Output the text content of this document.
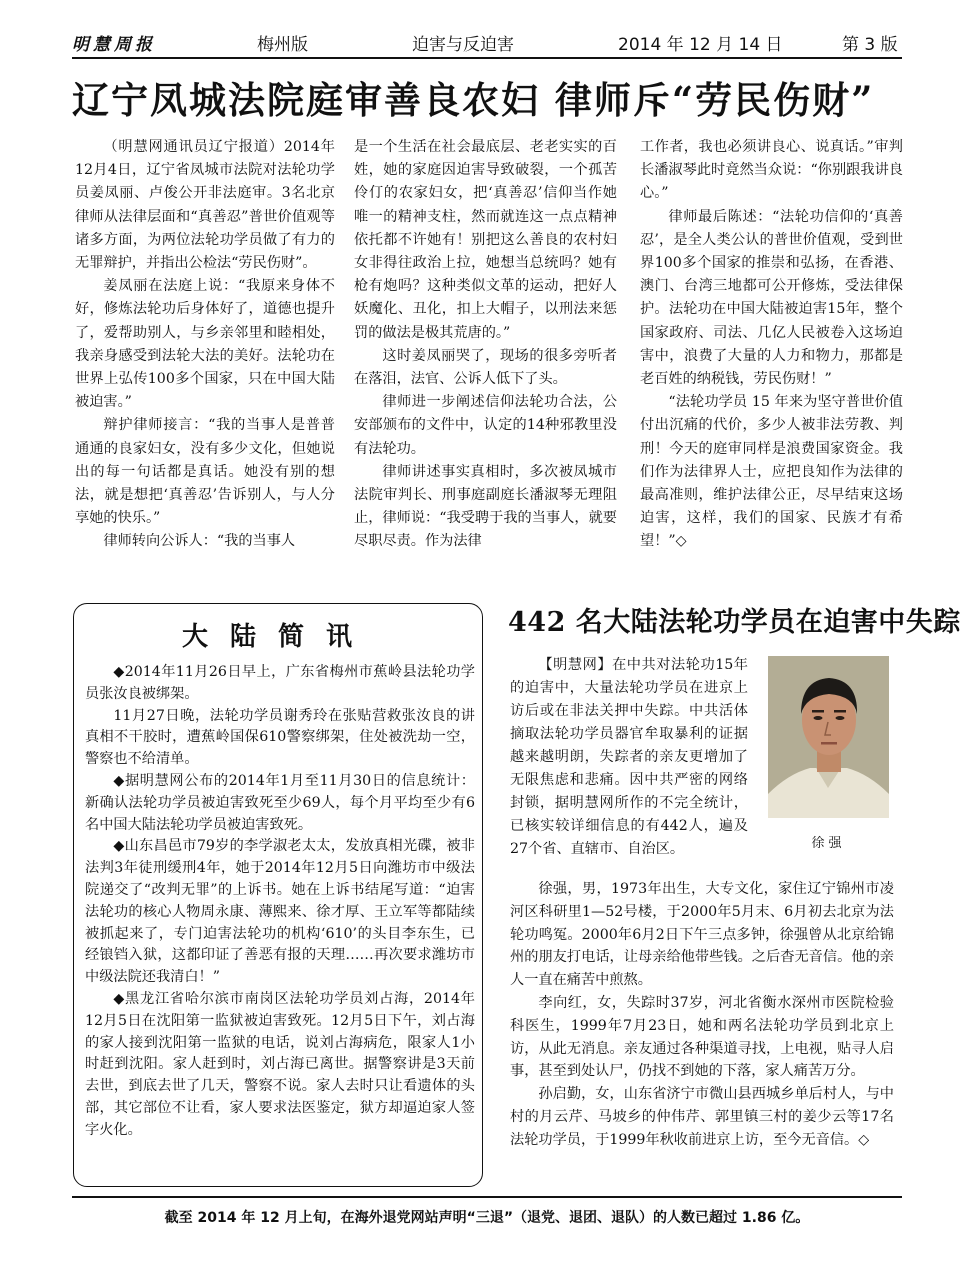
明慧周报	梅州版	迫害与反迫害	2014 年 12 月 14 日	第 3 版
辽宁凤城法院庭审善良农妇 律师斥“劳民伤财”

（明慧网通讯员辽宁报道）2014年12月4日，辽宁省凤城市法院对法轮功学员姜凤丽、卢俊公开非法庭审。3名北京律师从法律层面和“真善忍”普世价值观等诸多方面，为两位法轮功学员做了有力的无罪辩护，并指出公检法“劳民伤财”。

姜凤丽在法庭上说：“我原来身体不好，修炼法轮功后身体好了，道德也提升了，爱帮助别人，与乡亲邻里和睦相处，我亲身感受到法轮大法的美好。法轮功在世界上弘传100多个国家，只在中国大陆被迫害。”

辩护律师接言：“我的当事人是普普通通的良家妇女，没有多少文化，但她说出的每一句话都是真话。她没有别的想法，就是想把‘真善忍’告诉别人，与人分享她的快乐。”

律师转向公诉人：“我的当事人

是一个生活在社会最底层、老老实实的百姓，她的家庭因迫害导致破裂，一个孤苦伶仃的农家妇女，把‘真善忍’信仰当作她唯一的精神支柱，然而就连这一点点精神依托都不许她有！别把这么善良的农村妇女非得往政治上拉，她想当总统吗？她有枪有炮吗？这种类似文革的运动，把好人妖魔化、丑化，扣上大帽子，以刑法来惩罚的做法是极其荒唐的。”

这时姜凤丽哭了，现场的很多旁听者在落泪，法官、公诉人低下了头。

律师进一步阐述信仰法轮功合法，公安部颁布的文件中，认定的14种邪教里没有法轮功。

律师讲述事实真相时，多次被凤城市法院审判长、刑事庭副庭长潘淑琴无理阻止，律师说：“我受聘于我的当事人，就要尽职尽责。作为法律

工作者，我也必须讲良心、说真话。”审判长潘淑琴此时竟然当众说：“你别跟我讲良心。”

律师最后陈述：“法轮功信仰的‘真善忍’，是全人类公认的普世价值观，受到世界100多个国家的推崇和弘扬，在香港、澳门、台湾三地都可公开修炼，受法律保护。法轮功在中国大陆被迫害15年，整个国家政府、司法、几亿人民被卷入这场迫害中，浪费了大量的人力和物力，那都是老百姓的纳税钱，劳民伤财！”

“法轮功学员 15 年来为坚守普世价值付出沉痛的代价，多少人被非法劳教、判刑！今天的庭审同样是浪费国家资金。我们作为法律界人士，应把良知作为法律的最高准则，维护法律公正，尽早结束这场迫害，这样，我们的国家、民族才有希望！”◇

大陆简讯

◆2014年11月26日早上，广东省梅州市蕉岭县法轮功学员张汝良被绑架。

11月27日晚，法轮功学员谢秀玲在张贴营救张汝良的讲真相不干胶时，遭蕉岭国保610警察绑架，住处被洗劫一空，警察也不给清单。

◆据明慧网公布的2014年1月至11月30日的信息统计：新确认法轮功学员被迫害致死至少69人，每个月平均至少有6名中国大陆法轮功学员被迫害致死。

◆山东昌邑市79岁的李学淑老太太，发放真相光碟，被非法判3年徒刑缓刑4年，她于2014年12月5日向潍坊市中级法院递交了“改判无罪”的上诉书。她在上诉书结尾写道：“迫害法轮功的核心人物周永康、薄熙来、徐才厚、王立军等都陆续被抓起来了，专门迫害法轮功的机构‘610’的头目李东生，已经锒铛入狱，这都印证了善恶有报的天理……再次要求潍坊市中级法院还我清白！”

◆黑龙江省哈尔滨市南岗区法轮功学员刘占海，2014年12月5日在沈阳第一监狱被迫害致死。12月5日下午，刘占海的家人接到沈阳第一监狱的电话，说刘占海病危，限家人1小时赶到沈阳。家人赶到时，刘占海已离世。据警察讲是3天前去世，到底去世了几天，警察不说。家人去时只让看遗体的头部，其它部位不让看，家人要求法医鉴定，狱方却逼迫家人签字火化。

442 名大陆法轮功学员在迫害中失踪

【明慧网】在中共对法轮功15年的迫害中，大量法轮功学员在进京上访后或在非法关押中失踪。中共活体摘取法轮功学员器官牟取暴利的证据越来越明朗，失踪者的亲友更增加了无限焦虑和悲痛。因中共严密的网络封锁，据明慧网所作的不完全统计，已核实较详细信息的有442人，遍及27个省、直辖市、自治区。	徐强

徐强，男，1973年出生，大专文化，家住辽宁锦州市凌河区科研里1—52号楼，于2000年5月末、6月初去北京为法轮功鸣冤。2000年6月2日下午三点多钟，徐强曾从北京给锦州的朋友打电话，让母亲给他带些钱。之后杳无音信。他的亲人一直在痛苦中煎熬。

李向红，女，失踪时37岁，河北省衡水深州市医院检验科医生，1999年7月23日，她和两名法轮功学员到北京上访，从此无消息。亲友通过各种渠道寻找，上电视，贴寻人启事，甚至到处认尸，仍找不到她的下落，家人痛苦万分。

孙启勤，女，山东省济宁市微山县西城乡单后村人，与中村的月云芹、马坡乡的仲伟芹、郭里镇三村的姜少云等17名法轮功学员，于1999年秋收前进京上访，至今无音信。◇

截至 2014 年 12 月上旬，在海外退党网站声明“三退”（退党、退团、退队）的人数已超过 1.86 亿。
